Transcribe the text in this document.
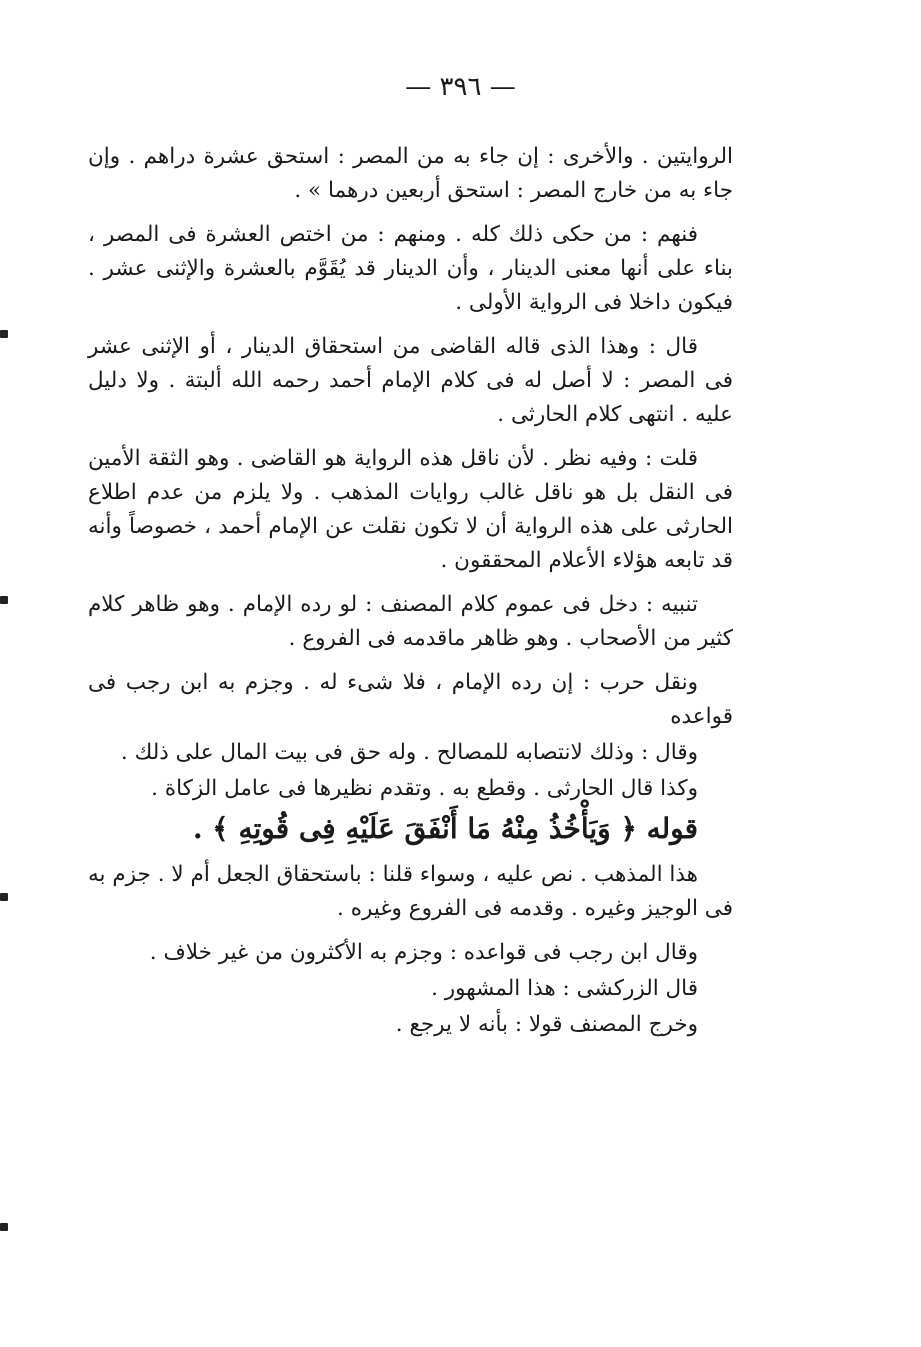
— ٣٩٦ —

الروايتين . والأخرى : إن جاء به من المصر : استحق عشرة دراهم . وإن جاء به من خارج المصر : استحق أربعين درهما » .

فنهم : من حكى ذلك كله . ومنهم : من اختص العشرة فى المصر ، بناء على أنها معنى الدينار ، وأن الدينار قد يُقَوَّم بالعشرة والإثنى عشر . فيكون داخلا فى الرواية الأولى .

قال : وهذا الذى قاله القاضى من استحقاق الدينار ، أو الإثنى عشر فى المصر : لا أصل له فى كلام الإمام أحمد رحمه الله ألبتة . ولا دليل عليه . انتهى كلام الحارثى .

قلت : وفيه نظر . لأن ناقل هذه الرواية هو القاضى . وهو الثقة الأمين فى النقل بل هو ناقل غالب روايات المذهب . ولا يلزم من عدم اطلاع الحارثى على هذه الرواية أن لا تكون نقلت عن الإمام أحمد ، خصوصاً وأنه قد تابعه هؤلاء الأعلام المحققون .

تنبيه : دخل فى عموم كلام المصنف : لو رده الإمام . وهو ظاهر كلام كثير من الأصحاب . وهو ظاهر ماقدمه فى الفروع .

ونقل حرب : إن رده الإمام ، فلا شىء له . وجزم به ابن رجب فى قواعده

وقال : وذلك لانتصابه للمصالح . وله حق فى بيت المال على ذلك .

وكذا قال الحارثى . وقطع به . وتقدم نظيرها فى عامل الزكاة .

قوله ﴿ وَيَأْخُذُ مِنْهُ مَا أَنْفَقَ عَلَيْهِ فِى قُوتِهِ ﴾ .

هذا المذهب . نص عليه ، وسواء قلنا : باستحقاق الجعل أم لا . جزم به فى الوجيز وغيره . وقدمه فى الفروع وغيره .

وقال ابن رجب فى قواعده : وجزم به الأكثرون من غير خلاف .

قال الزركشى : هذا المشهور .

وخرج المصنف قولا : بأنه لا يرجع .
